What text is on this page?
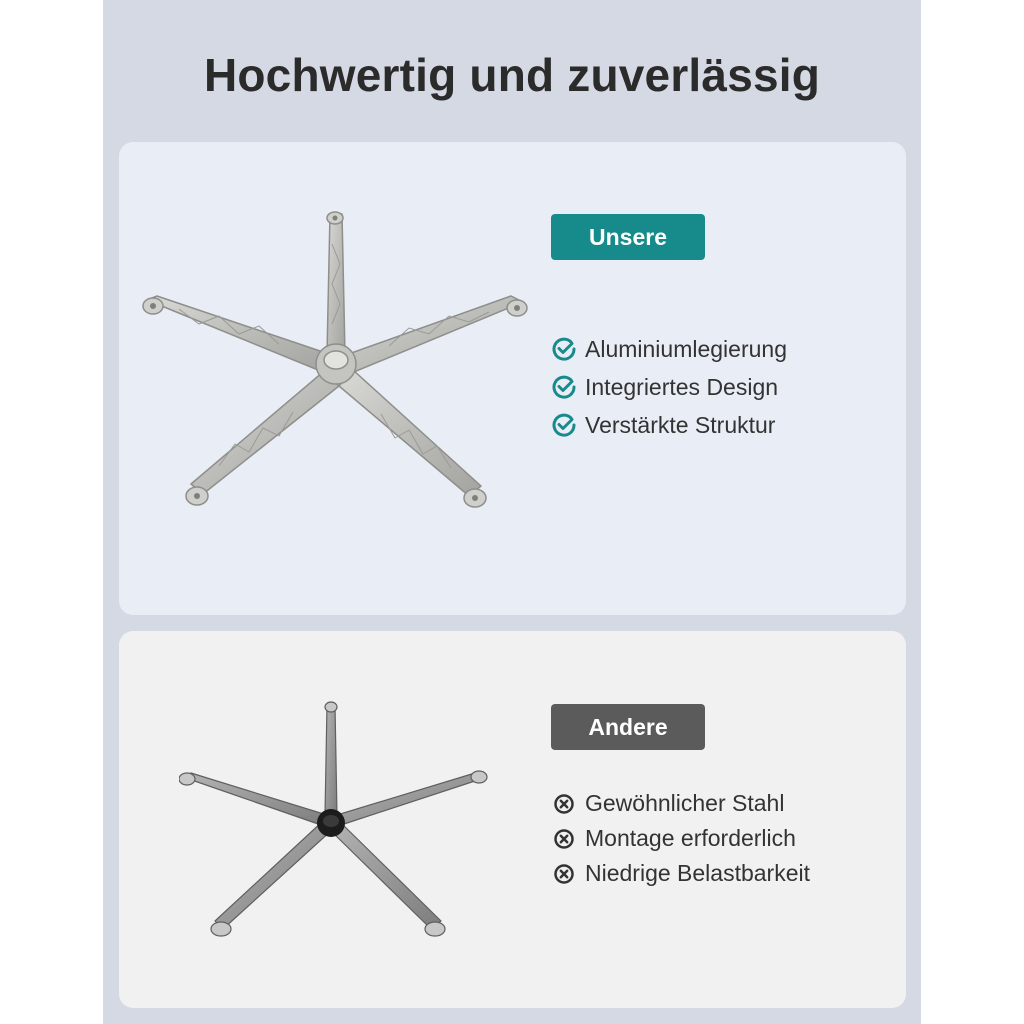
Hochwertig und zuverlässig
Unsere
Aluminiumlegierung
Integriertes Design
Verstärkte Struktur
Andere
Gewöhnlicher Stahl
Montage erforderlich
Niedrige Belastbarkeit
